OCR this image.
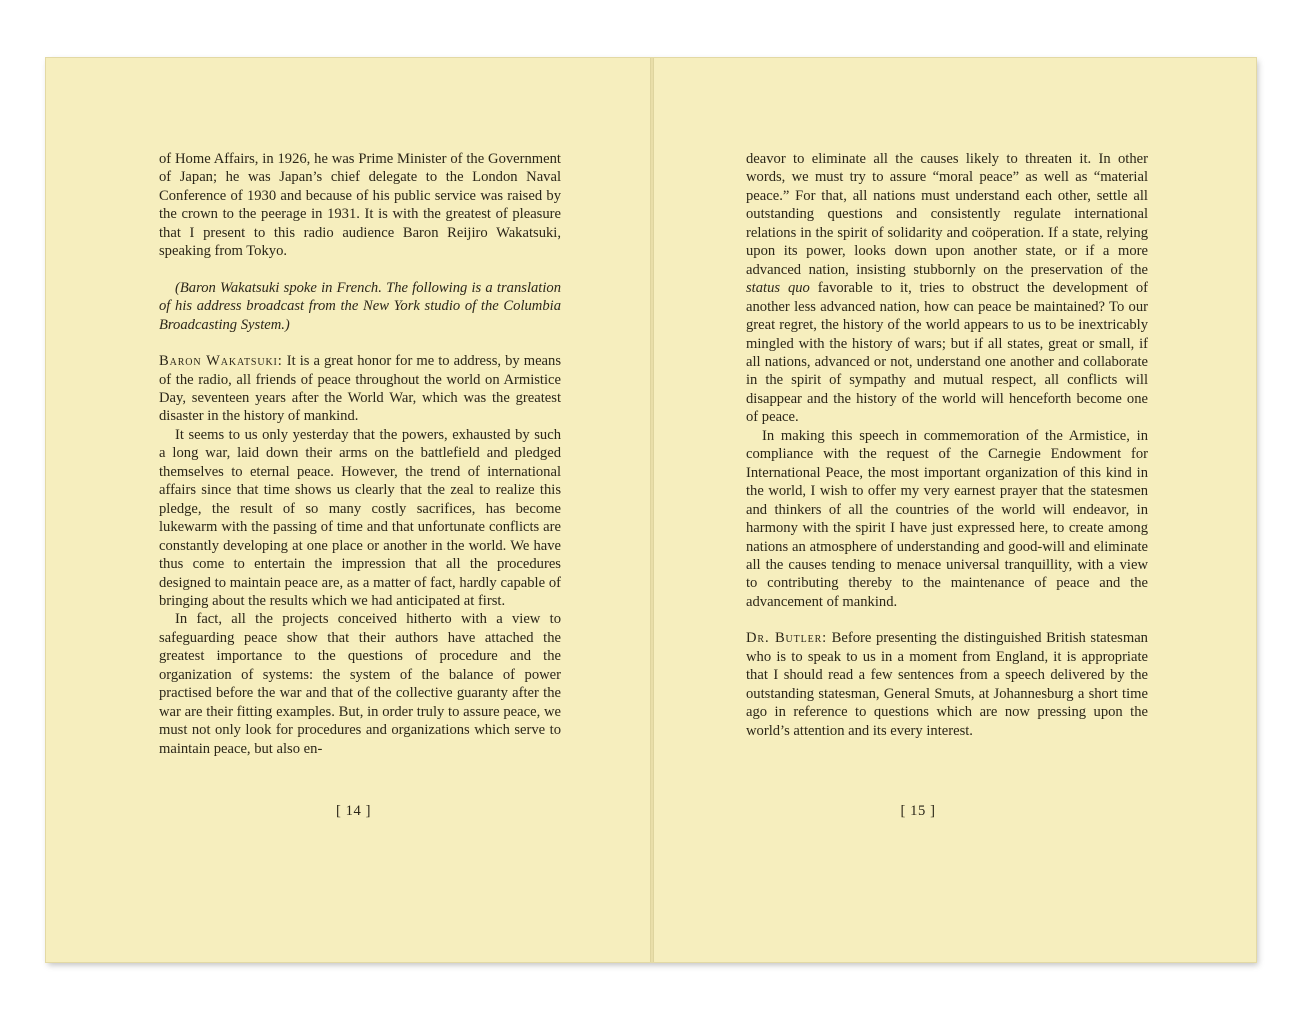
of Home Affairs, in 1926, he was Prime Minister of the Government of Japan; he was Japan’s chief delegate to the London Naval Conference of 1930 and because of his public service was raised by the crown to the peerage in 1931. It is with the greatest of pleasure that I present to this radio audience Baron Reijiro Wakatsuki, speaking from Tokyo.

(Baron Wakatsuki spoke in French. The following is a translation of his address broadcast from the New York studio of the Columbia Broadcasting System.)

Baron Wakatsuki: It is a great honor for me to address, by means of the radio, all friends of peace throughout the world on Armistice Day, seventeen years after the World War, which was the greatest disaster in the history of mankind.

It seems to us only yesterday that the powers, exhausted by such a long war, laid down their arms on the battlefield and pledged themselves to eternal peace. However, the trend of international affairs since that time shows us clearly that the zeal to realize this pledge, the result of so many costly sacrifices, has become lukewarm with the passing of time and that unfortunate conflicts are constantly developing at one place or another in the world. We have thus come to entertain the impression that all the procedures designed to maintain peace are, as a matter of fact, hardly capable of bringing about the results which we had anticipated at first.

In fact, all the projects conceived hitherto with a view to safeguarding peace show that their authors have attached the greatest importance to the questions of procedure and the organization of systems: the system of the balance of power practised before the war and that of the collective guaranty after the war are their fitting examples. But, in order truly to assure peace, we must not only look for procedures and organizations which serve to maintain peace, but also en-

[ 14 ]

deavor to eliminate all the causes likely to threaten it. In other words, we must try to assure “moral peace” as well as “material peace.” For that, all nations must understand each other, settle all outstanding questions and consistently regulate international relations in the spirit of solidarity and coöperation. If a state, relying upon its power, looks down upon another state, or if a more advanced nation, insisting stubbornly on the preservation of the status quo favorable to it, tries to obstruct the development of another less advanced nation, how can peace be maintained? To our great regret, the history of the world appears to us to be inextricably mingled with the history of wars; but if all states, great or small, if all nations, advanced or not, understand one another and collaborate in the spirit of sympathy and mutual respect, all conflicts will disappear and the history of the world will henceforth become one of peace.

In making this speech in commemoration of the Armistice, in compliance with the request of the Carnegie Endowment for International Peace, the most important organization of this kind in the world, I wish to offer my very earnest prayer that the statesmen and thinkers of all the countries of the world will endeavor, in harmony with the spirit I have just expressed here, to create among nations an atmosphere of understanding and good-will and eliminate all the causes tending to menace universal tranquillity, with a view to contributing thereby to the maintenance of peace and the advancement of mankind.

Dr. Butler: Before presenting the distinguished British statesman who is to speak to us in a moment from England, it is appropriate that I should read a few sentences from a speech delivered by the outstanding statesman, General Smuts, at Johannesburg a short time ago in reference to questions which are now pressing upon the world’s attention and its every interest.

[ 15 ]
